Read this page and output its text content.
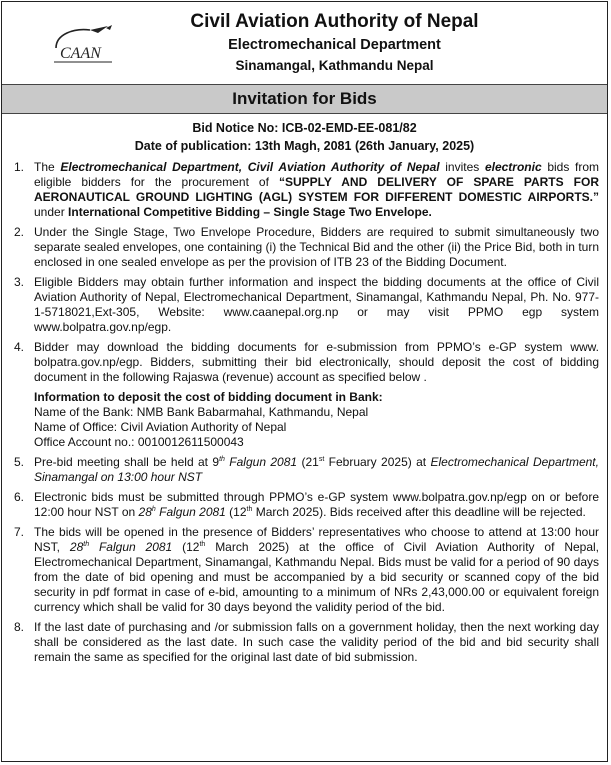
CAAN
Civil Aviation Authority of Nepal
Electromechanical Department
Sinamangal, Kathmandu Nepal
Invitation for Bids
Bid Notice No: ICB-02-EMD-EE-081/82
Date of publication: 13th Magh, 2081 (26th January, 2025)
1. The Electromechanical Department, Civil Aviation Authority of Nepal invites electronic bids from eligible bidders for the procurement of “SUPPLY AND DELIVERY OF SPARE PARTS FOR AERONAUTICAL GROUND LIGHTING (AGL) SYSTEM FOR DIFFERENT DOMESTIC AIRPORTS.” under International Competitive Bidding – Single Stage Two Envelope.
2. Under the Single Stage, Two Envelope Procedure, Bidders are required to submit simultaneously two separate sealed envelopes, one containing (i) the Technical Bid and the other (ii) the Price Bid, both in turn enclosed in one sealed envelope as per the provision of ITB 23 of the Bidding Document.
3. Eligible Bidders may obtain further information and inspect the bidding documents at the office of Civil Aviation Authority of Nepal, Electromechanical Department, Sinamangal, Kathmandu Nepal, Ph. No. 977-1-5718021,Ext-305, Website: www.caanepal.org.np or may visit PPMO egp system www.bolpatra.gov.np/egp.
4. Bidder may download the bidding documents for e-submission from PPMO’s e-GP system www. bolpatra.gov.np/egp. Bidders, submitting their bid electronically, should deposit the cost of bidding document in the following Rajaswa (revenue) account as specified below .
Information to deposit the cost of bidding document in Bank:
Name of the Bank: NMB Bank Babarmahal, Kathmandu, Nepal
Name of Office: Civil Aviation Authority of Nepal
Office Account no.: 0010012611500043
5. Pre-bid meeting shall be held at 9th Falgun 2081 (21st February 2025) at Electromechanical Department, Sinamangal on 13:00 hour NST
6. Electronic bids must be submitted through PPMO’s e-GP system www.bolpatra.gov.np/egp on or before 12:00 hour NST on 28$^h$ Falgun 2081 (12th March 2025). Bids received after this deadline will be rejected.
7. The bids will be opened in the presence of Bidders’ representatives who choose to attend at 13:00 hour NST, 28th Falgun 2081 (12th March 2025) at the office of Civil Aviation Authority of Nepal, Electromechanical Department, Sinamangal, Kathmandu Nepal. Bids must be valid for a period of 90 days from the date of bid opening and must be accompanied by a bid security or scanned copy of the bid security in pdf format in case of e-bid, amounting to a minimum of NRs 2,43,000.00 or equivalent foreign currency which shall be valid for 30 days beyond the validity period of the bid.
8. If the last date of purchasing and /or submission falls on a government holiday, then the next working day shall be considered as the last date. In such case the validity period of the bid and bid security shall remain the same as specified for the original last date of bid submission.
